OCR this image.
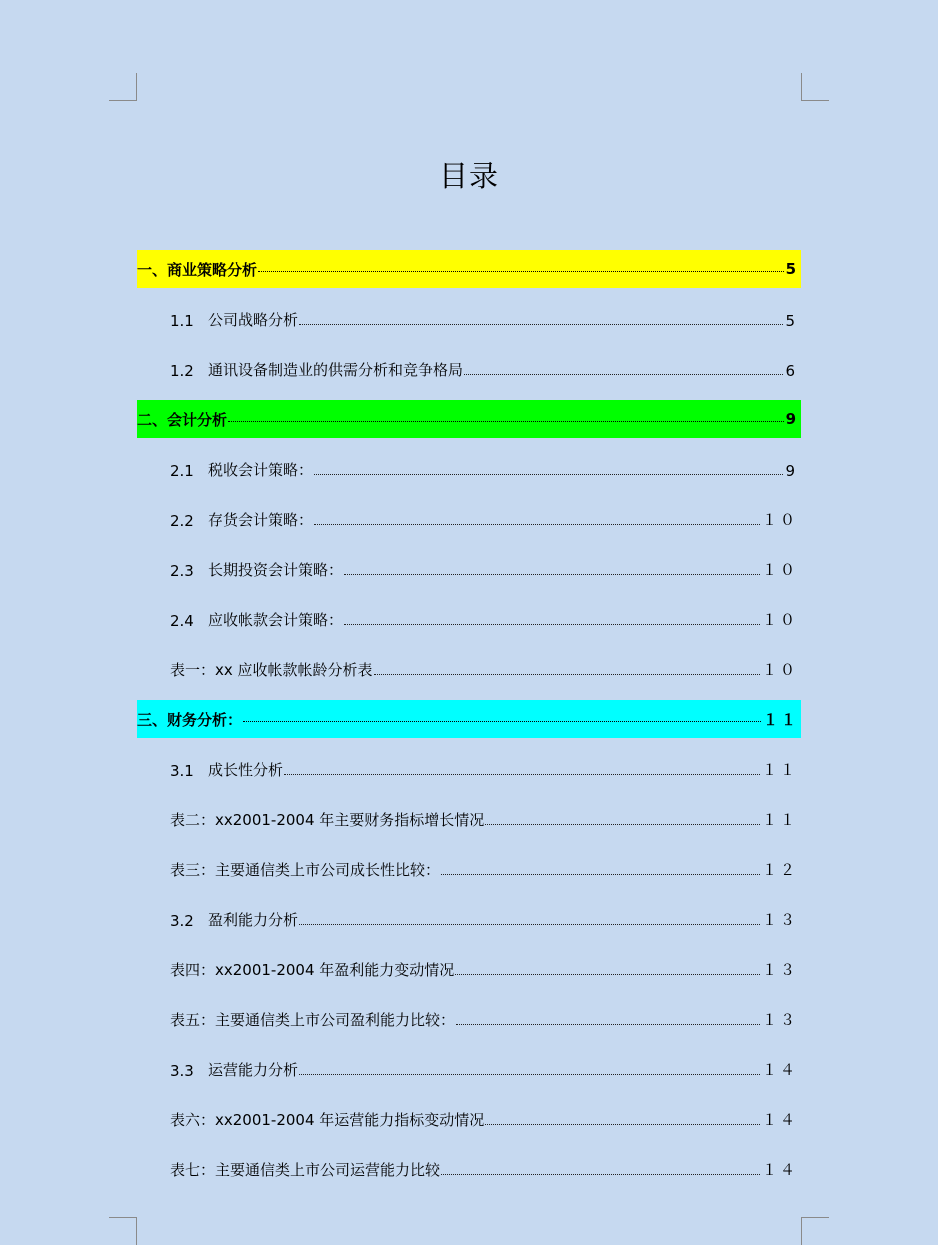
目录
一、商业策略分析	5
1.1 公司战略分析	5
1.2 通讯设备制造业的供需分析和竞争格局	6
二、会计分析	9
2.1 税收会计策略：	9
2.2 存货会计策略：	１０
2.3 长期投资会计策略：	１０
2.4 应收帐款会计策略：	１０
表一：xx 应收帐款帐龄分析表	１０
三、财务分析：	１１
3.1 成长性分析	１１
表二：xx2001-2004 年主要财务指标增长情况	１１
表三：主要通信类上市公司成长性比较：	１２
3.2 盈利能力分析	１３
表四：xx2001-2004 年盈利能力变动情况	１３
表五：主要通信类上市公司盈利能力比较：	１３
3.3 运营能力分析	１４
表六：xx2001-2004 年运营能力指标变动情况	１４
表七：主要通信类上市公司运营能力比较	１４
